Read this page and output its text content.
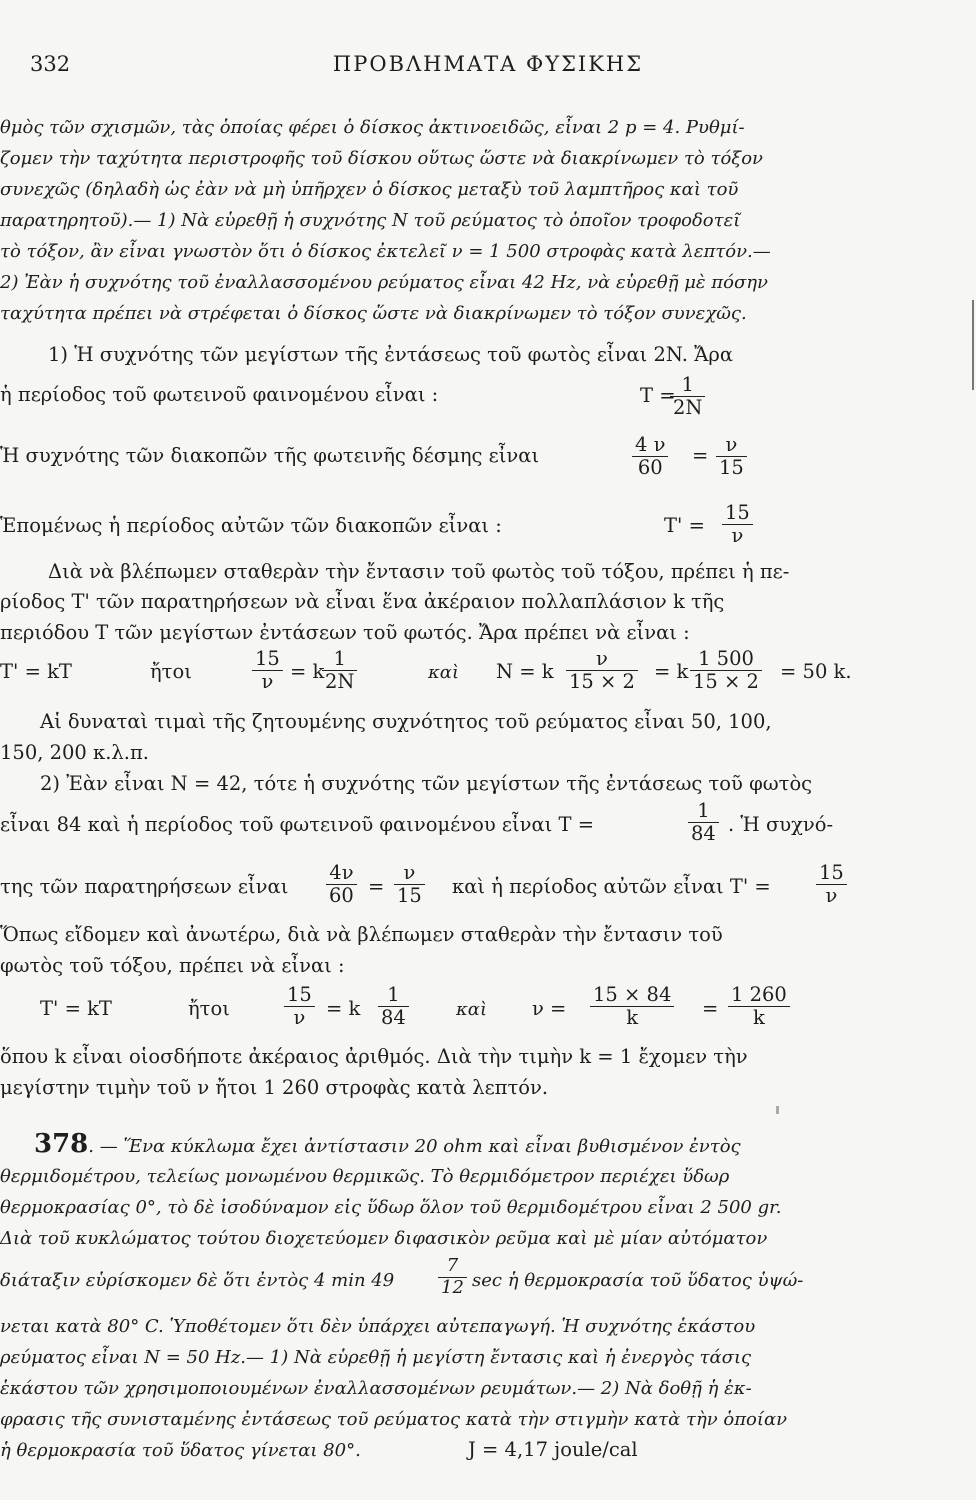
332	ΠΡΟΒΛΗΜΑΤΑ ΦΥΣΙΚΗΣ
θμὸς τῶν σχισμῶν, τὰς ὁποίας φέρει ὁ δίσκος ἀκτινοειδῶς, εἶναι 2 p = 4. Ρυθμί-
ζομεν τὴν ταχύτητα περιστροφῆς τοῦ δίσκου οὕτως ὥστε νὰ διακρίνωμεν τὸ τόξον
συνεχῶς (δηλαδὴ ὡς ἐὰν νὰ μὴ ὑπῆρχεν ὁ δίσκος μεταξὺ τοῦ λαμπτῆρος καὶ τοῦ
παρατηρητοῦ).— 1) Νὰ εὑρεθῇ ἡ συχνότης N τοῦ ρεύματος τὸ ὁποῖον τροφοδοτεῖ
τὸ τόξον, ἂν εἶναι γνωστὸν ὅτι ὁ δίσκος ἐκτελεῖ ν = 1 500 στροφὰς κατὰ λεπτόν.—
2) Ἐὰν ἡ συχνότης τοῦ ἐναλλασσομένου ρεύματος εἶναι 42 Hz, νὰ εὑρεθῇ μὲ πόσην
ταχύτητα πρέπει νὰ στρέφεται ὁ δίσκος ὥστε νὰ διακρίνωμεν τὸ τόξον συνεχῶς.
1) Ἡ συχνότης τῶν μεγίστων τῆς ἐντάσεως τοῦ φωτὸς εἶναι 2N. Ἄρα
ἡ περίοδος τοῦ φωτεινοῦ φαινομένου εἶναι :	T =
$\frac{1}{2N}$
Ἡ συχνότης τῶν διακοπῶν τῆς φωτεινῆς δέσμης εἶναι	$\frac{4 \nu}{60} = \frac{\nu}{15}$
Ἑπομένως ἡ περίοδος αὐτῶν τῶν διακοπῶν εἶναι :	$T' = \frac{15}{\nu}$
Διὰ νὰ βλέπωμεν σταθερὰν τὴν ἔντασιν τοῦ φωτὸς τοῦ τόξου, πρέπει ἡ πε-
ρίοδος T' τῶν παρατηρήσεων νὰ εἶναι ἕνα ἀκέραιον πολλαπλάσιον k τῆς
περιόδου T τῶν μεγίστων ἐντάσεων τοῦ φωτός. Ἄρα πρέπει νὰ εἶναι :
T' = kT	ἤτοι	$\frac{15}{\nu} = k$
$\frac{1}{2N}$	καὶ N = k $\frac{\nu}{15 \times 2} = k \frac{1 500}{15 \times 2} = 50$ k.
Αἱ δυναταὶ τιμαὶ τῆς ζητουμένης συχνότητος τοῦ ρεύματος εἶναι 50, 100,
150, 200 κ.λ.π.
2) Ἐὰν εἶναι N = 42, τότε ἡ συχνότης τῶν μεγίστων τῆς ἐντάσεως τοῦ φωτὸς
εἶναι 84 καὶ ἡ περίοδος τοῦ φωτεινοῦ φαινομένου εἶναι T =	$\frac{1}{84}$ . Ἡ συχνό-
της τῶν παρατηρήσεων εἶναι $\frac{4\nu}{60} = \frac{\nu}{15}$ καὶ ἡ περίοδος αὐτῶν εἶναι $T' = \frac{15}{\nu}$
Ὅπως εἴδομεν καὶ ἀνωτέρω, διὰ νὰ βλέπωμεν σταθερὰν τὴν ἔντασιν τοῦ
φωτὸς τοῦ τόξου, πρέπει νὰ εἶναι :
T' = kT	ἤτοι	$\frac{15}{\nu} = k \frac{1}{84}$	καὶ $\nu = \frac{15 \times 84}{k} = \frac{1 260}{k}$
ὅπου k εἶναι οἱοσδήποτε ἀκέραιος ἀριθμός. Διὰ τὴν τιμὴν k = 1 ἔχομεν τὴν
μεγίστην τιμὴν τοῦ ν ἤτοι 1 260 στροφὰς κατὰ λεπτόν.
378. — Ἕνα κύκλωμα ἔχει ἀντίστασιν 20 ohm καὶ εἶναι βυθισμένον ἐντὸς
θερμιδομέτρου, τελείως μονωμένου θερμικῶς. Τὸ θερμιδόμετρον περιέχει ὕδωρ
θερμοκρασίας 0°, τὸ δὲ ἰσοδύναμον εἰς ὕδωρ ὅλον τοῦ θερμιδομέτρου εἶναι 2 500 gr.
Διὰ τοῦ κυκλώματος τούτου διοχετεύομεν διφασικὸν ρεῦμα καὶ μὲ μίαν αὐτόματον
διάταξιν εὑρίσκομεν δὲ ὅτι ἐντὸς 4 $\min 49 \frac{7}{12}$ sec ἡ θερμοκρασία τοῦ ὕδατος ὑψώ-
νεται κατὰ 80° C. Ὑποθέτομεν ὅτι δὲν ὑπάρχει αὐτεπαγωγή. Ἡ συχνότης ἑκάστου
ρεύματος εἶναι N = 50 Hz.— 1) Νὰ εὑρεθῇ ἡ μεγίστη ἔντασις καὶ ἡ ἐνεργὸς τάσις
ἑκάστου τῶν χρησιμοποιουμένων ἐναλλασσομένων ρευμάτων.— 2) Νὰ δοθῇ ἡ ἐκ-
φρασις τῆς συνισταμένης ἐντάσεως τοῦ ρεύματος κατὰ τὴν στιγμὴν κατὰ τὴν ὁποίαν
ἡ θερμοκρασία τοῦ ὕδατος γίνεται 80°.	J = 4,17 joule/cal
